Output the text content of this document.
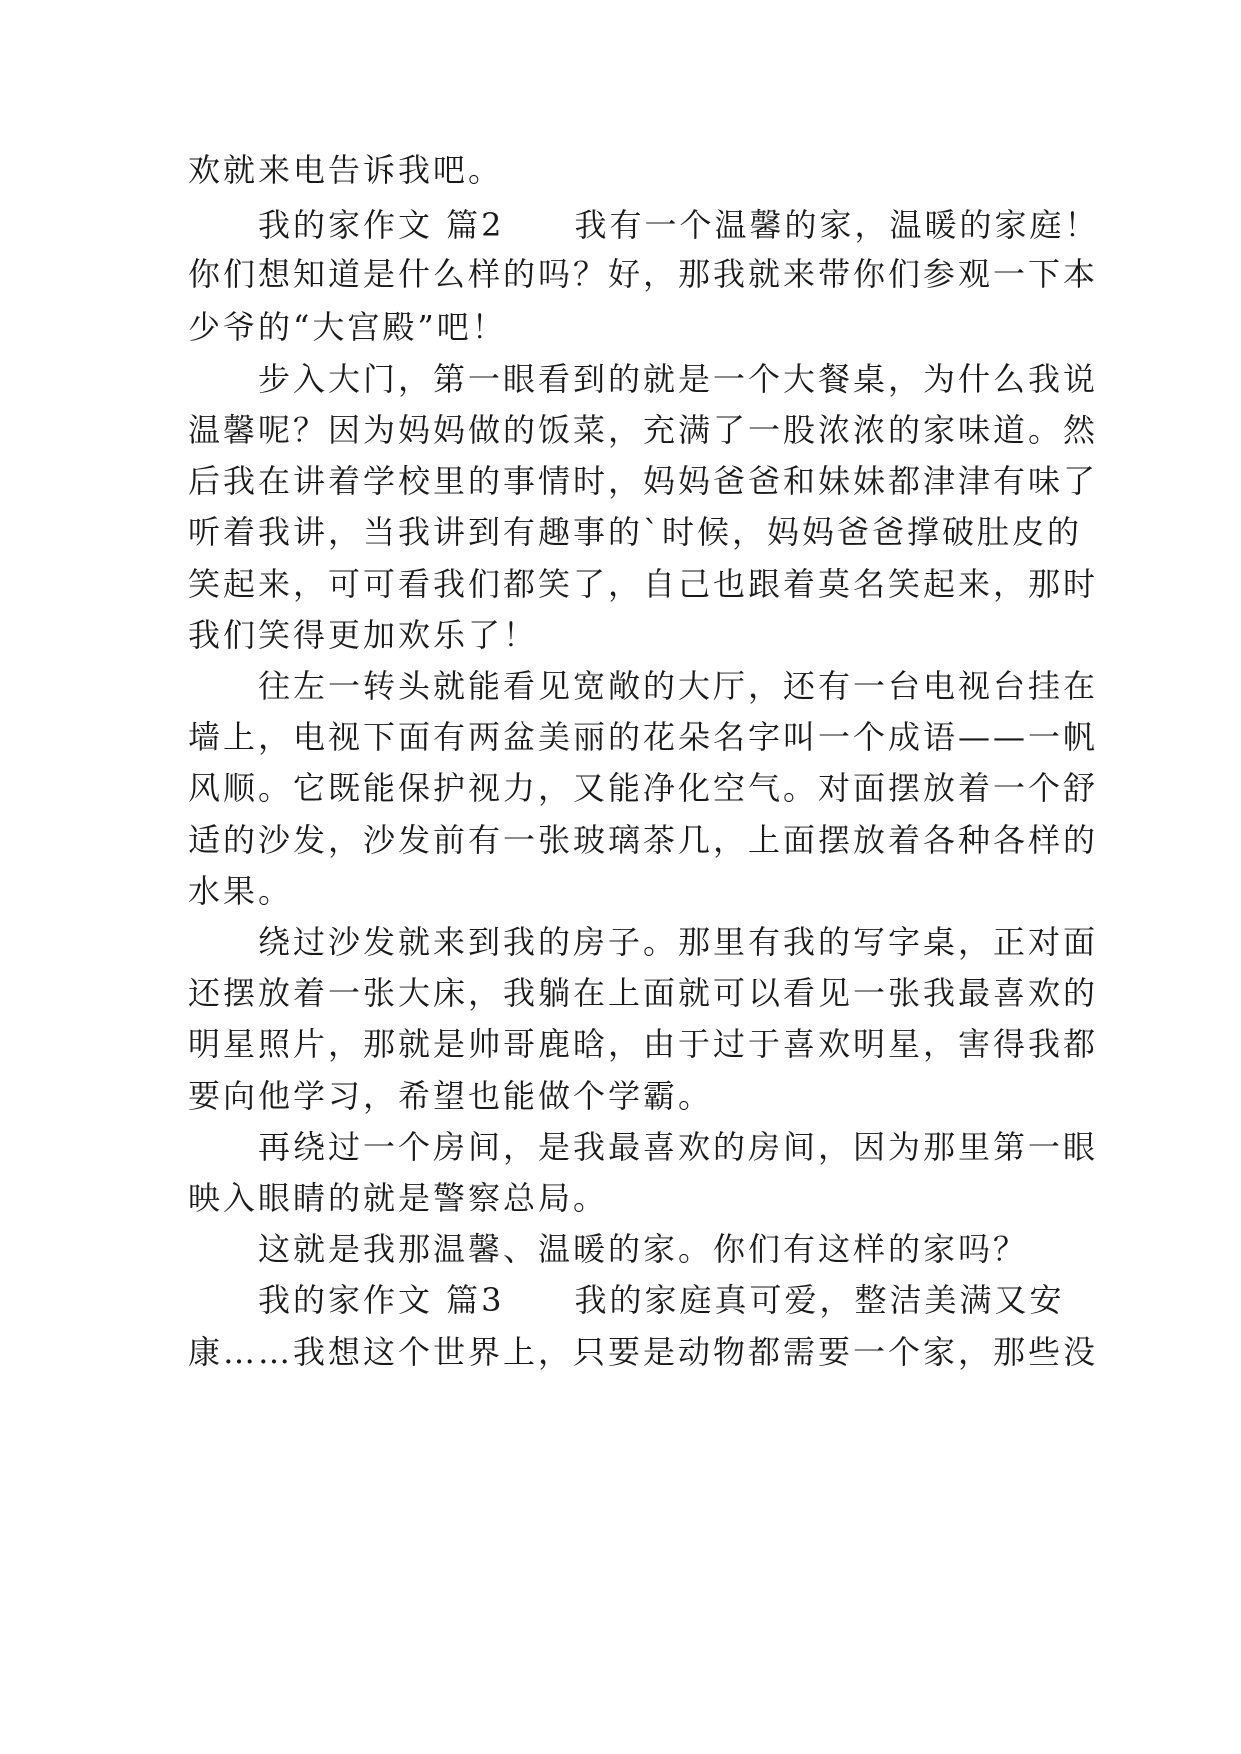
欢就来电告诉我吧。
　　我的家作文 篇2　　我有一个温馨的家，温暖的家庭！
你们想知道是什么样的吗？好，那我就来带你们参观一下本
少爷的“大宫殿”吧！
　　步入大门，第一眼看到的就是一个大餐桌，为什么我说
温馨呢？因为妈妈做的饭菜，充满了一股浓浓的家味道。然
后我在讲着学校里的事情时，妈妈爸爸和妹妹都津津有味了
听着我讲，当我讲到有趣事的`时候，妈妈爸爸撑破肚皮的
笑起来，可可看我们都笑了，自己也跟着莫名笑起来，那时
我们笑得更加欢乐了！
　　往左一转头就能看见宽敞的大厅，还有一台电视台挂在
墙上，电视下面有两盆美丽的花朵名字叫一个成语——一帆
风顺。它既能保护视力，又能净化空气。对面摆放着一个舒
适的沙发，沙发前有一张玻璃茶几，上面摆放着各种各样的
水果。
　　绕过沙发就来到我的房子。那里有我的写字桌，正对面
还摆放着一张大床，我躺在上面就可以看见一张我最喜欢的
明星照片，那就是帅哥鹿晗，由于过于喜欢明星，害得我都
要向他学习，希望也能做个学霸。
　　再绕过一个房间，是我最喜欢的房间，因为那里第一眼
映入眼睛的就是警察总局。
　　这就是我那温馨、温暖的家。你们有这样的家吗？
　　我的家作文 篇3　　我的家庭真可爱，整洁美满又安
康……我想这个世界上，只要是动物都需要一个家，那些没
